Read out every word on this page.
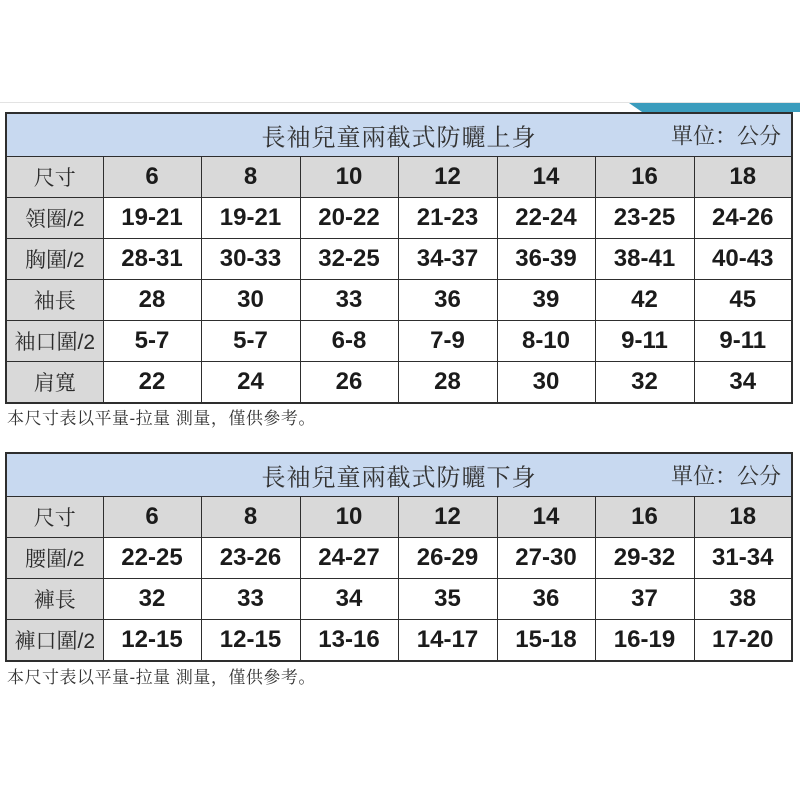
長袖兒童兩截式防曬上身 單位：公分							

尺寸	6	8	10	12	14	16	18
領圈/2	19-21	19-21	20-22	21-23	22-24	23-25	24-26
胸圍/2	28-31	30-33	32-25	34-37	36-39	38-41	40-43
袖長	28	30	33	36	39	42	45
袖口圍/2	5-7	5-7	6-8	7-9	8-10	9-11	9-11
肩寬	22	24	26	28	30	32	34
本尺寸表以平量-拉量 測量，僅供參考。
長袖兒童兩截式防曬下身 單位：公分							

尺寸	6	8	10	12	14	16	18
腰圍/2	22-25	23-26	24-27	26-29	27-30	29-32	31-34
褲長	32	33	34	35	36	37	38
褲口圍/2	12-15	12-15	13-16	14-17	15-18	16-19	17-20
本尺寸表以平量-拉量 測量，僅供參考。
